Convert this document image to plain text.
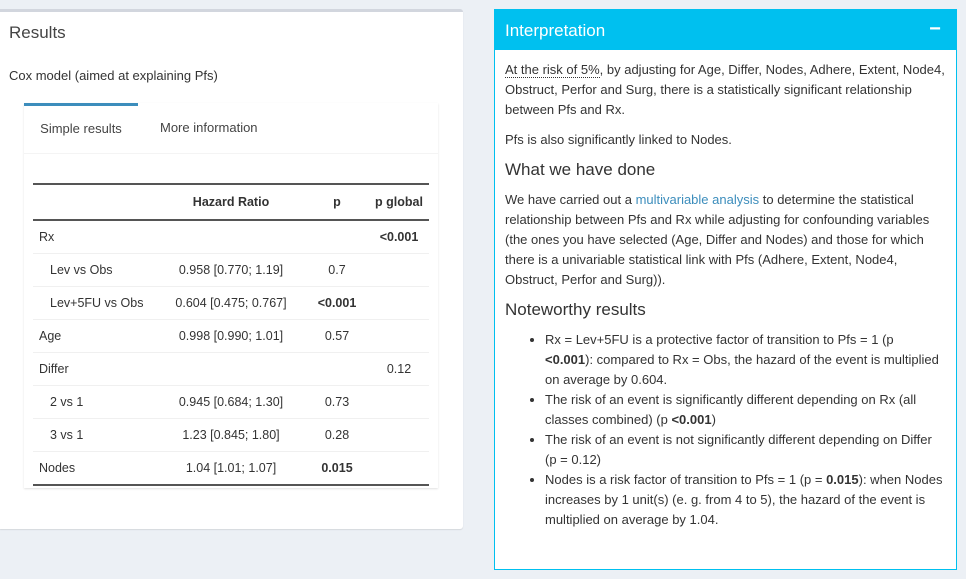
Results
Cox model (aimed at explaining Pfs)
Simple results	More information
	Hazard Ratio	p	p global
Rx			<0.001
Lev vs Obs	0.958 [0.770; 1.19]	0.7	
Lev+5FU vs Obs	0.604 [0.475; 0.767]	<0.001	
Age	0.998 [0.990; 1.01]	0.57	
Differ			0.12
2 vs 1	0.945 [0.684; 1.30]	0.73	
3 vs 1	1.23 [0.845; 1.80]	0.28	
Nodes	1.04 [1.01; 1.07]	0.015	
Interpretation	−

At the risk of 5%, by adjusting for Age, Differ, Nodes, Adhere, Extent, Node4, Obstruct, Perfor and Surg, there is a statistically significant relationship between Pfs and Rx.

Pfs is also significantly linked to Nodes.

What we have done

We have carried out a multivariable analysis to determine the statistical relationship between Pfs and Rx while adjusting for confounding variables (the ones you have selected (Age, Differ and Nodes) and those for which there is a univariable statistical link with Pfs (Adhere, Extent, Node4, Obstruct, Perfor and Surg)).

Noteworthy results
• Rx = Lev+5FU is a protective factor of transition to Pfs = 1 (p <0.001): compared to Rx = Obs, the hazard of the event is multiplied on average by 0.604.
• The risk of an event is significantly different depending on Rx (all classes combined) (p <0.001)
• The risk of an event is not significantly different depending on Differ (p = 0.12)
• Nodes is a risk factor of transition to Pfs = 1 (p = 0.015): when Nodes increases by 1 unit(s) (e. g. from 4 to 5), the hazard of the event is multiplied on average by 1.04.
